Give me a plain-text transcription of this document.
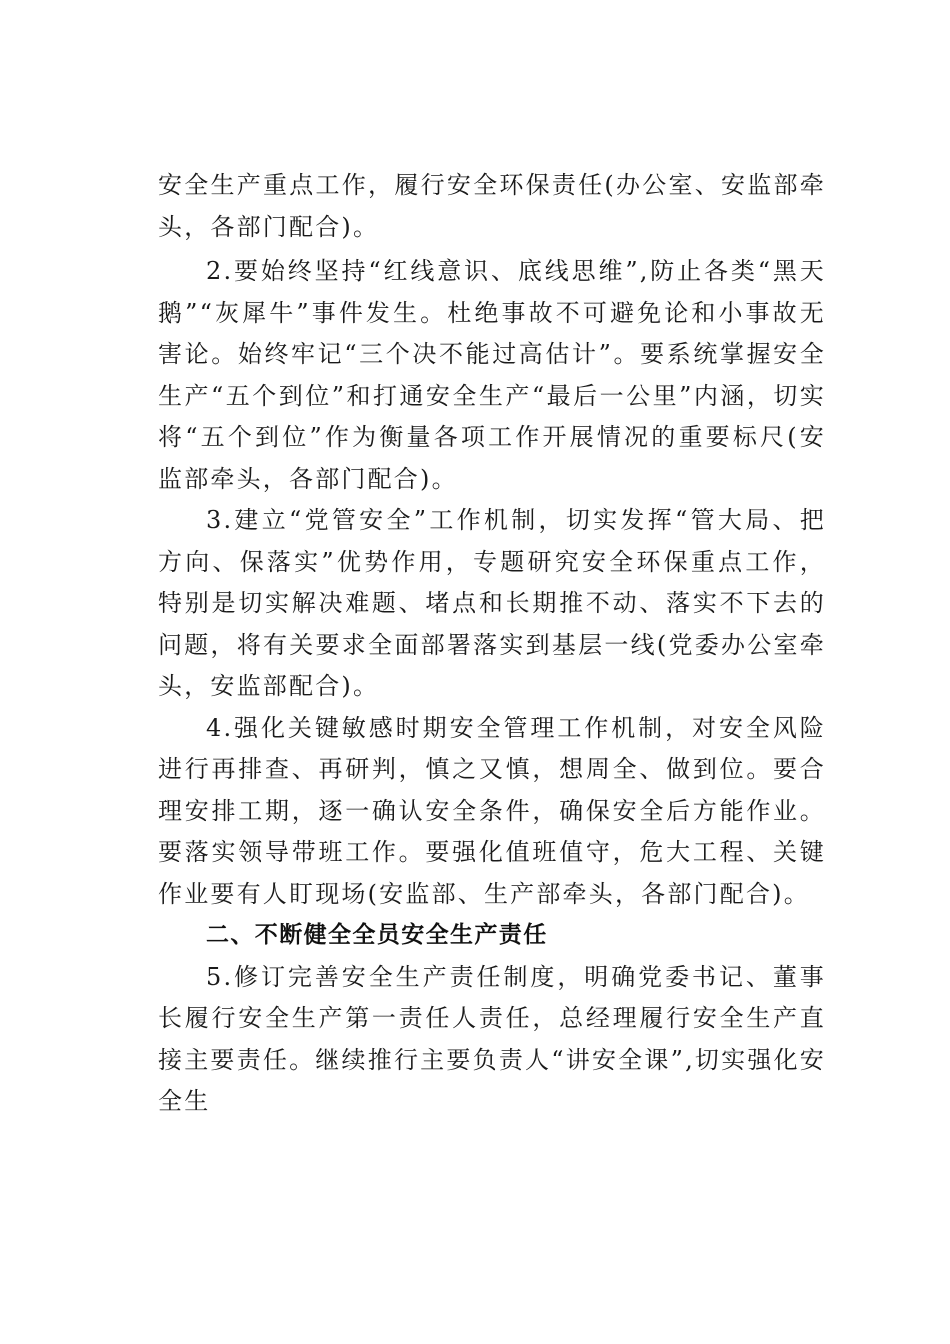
安全生产重点工作，履行安全环保责任(办公室、安监部牵头，各部门配合)。

2.要始终坚持“红线意识、底线思维”,防止各类“黑天鹅”“灰犀牛”事件发生。杜绝事故不可避免论和小事故无害论。始终牢记“三个决不能过高估计”。要系统掌握安全生产“五个到位”和打通安全生产“最后一公里”内涵，切实将“五个到位”作为衡量各项工作开展情况的重要标尺(安监部牵头，各部门配合)。

3.建立“党管安全”工作机制，切实发挥“管大局、把方向、保落实”优势作用，专题研究安全环保重点工作，特别是切实解决难题、堵点和长期推不动、落实不下去的问题，将有关要求全面部署落实到基层一线(党委办公室牵头，安监部配合)。

4.强化关键敏感时期安全管理工作机制，对安全风险进行再排查、再研判，慎之又慎，想周全、做到位。要合理安排工期，逐一确认安全条件，确保安全后方能作业。要落实领导带班工作。要强化值班值守，危大工程、关键作业要有人盯现场(安监部、生产部牵头，各部门配合)。

二、不断健全全员安全生产责任

5.修订完善安全生产责任制度，明确党委书记、董事长履行安全生产第一责任人责任，总经理履行安全生产直接主要责任。继续推行主要负责人“讲安全课”,切实强化安全生
